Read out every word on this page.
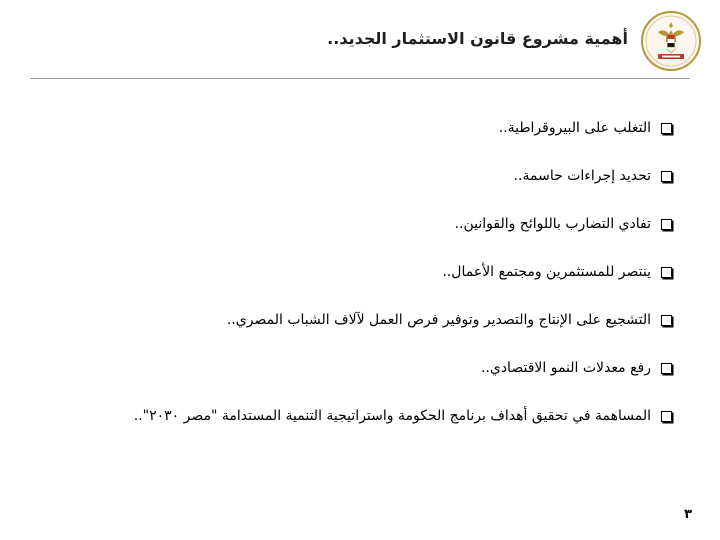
أهمية مشروع قانون الاستثمار الجديد..
التغلب على البيروقراطية..
تحديد إجراءات حاسمة..
تفادي التضارب باللوائح والقوانين..
ينتصر للمستثمرين ومجتمع الأعمال..
التشجيع على الإنتاج والتصدير وتوفير فرص العمل لآلاف الشباب المصري..
رفع معدلات النمو الاقتصادي..
المساهمة في تحقيق أهداف برنامج الحكومة واستراتيجية التنمية المستدامة "مصر ٢٠٣٠"..
٣
